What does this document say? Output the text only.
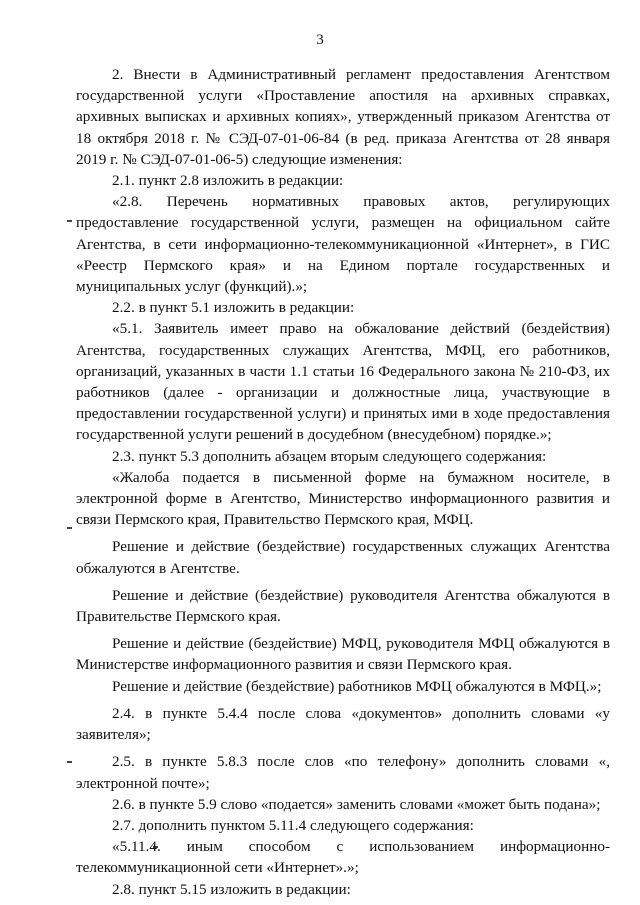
3

2. Внести в Административный регламент предоставления Агентством государственной услуги «Проставление апостиля на архивных справках, архивных выписках и архивных копиях», утвержденный приказом Агентства от 18 октября 2018 г. № СЭД-07-01-06-84 (в ред. приказа Агентства от 28 января 2019 г. № СЭД-07-01-06-5) следующие изменения:

2.1. пункт 2.8 изложить в редакции:

«2.8. Перечень нормативных правовых актов, регулирующих предоставление государственной услуги, размещен на официальном сайте Агентства, в сети информационно-телекоммуникационной «Интернет», в ГИС «Реестр Пермского края» и на Едином портале государственных и муниципальных услуг (функций).»;

2.2. в пункт 5.1 изложить в редакции:

«5.1. Заявитель имеет право на обжалование действий (бездействия) Агентства, государственных служащих Агентства, МФЦ, его работников, организаций, указанных в части 1.1 статьи 16 Федерального закона № 210-ФЗ, их работников (далее - организации и должностные лица, участвующие в предоставлении государственной услуги) и принятых ими в ходе предоставления государственной услуги решений в досудебном (внесудебном) порядке.»;

2.3. пункт 5.3 дополнить абзацем вторым следующего содержания:

«Жалоба подается в письменной форме на бумажном носителе, в электронной форме в Агентство, Министерство информационного развития и связи Пермского края, Правительство Пермского края, МФЦ.

Решение и действие (бездействие) государственных служащих Агентства обжалуются в Агентстве.

Решение и действие (бездействие) руководителя Агентства обжалуются в Правительстве Пермского края.

Решение и действие (бездействие) МФЦ, руководителя МФЦ обжалуются в Министерстве информационного развития и связи Пермского края.

Решение и действие (бездействие) работников МФЦ обжалуются в МФЦ.»;

2.4. в пункте 5.4.4 после слова «документов» дополнить словами «у заявителя»;

2.5. в пункте 5.8.3 после слов «по телефону» дополнить словами «, электронной почте»;

2.6. в пункте 5.9 слово «подается» заменить словами «может быть подана»;

2.7. дополнить пунктом 5.11.4 следующего содержания:

«5.11.4. иным способом с использованием информационно-телекоммуникационной сети «Интернет».»;

2.8. пункт 5.15 изложить в редакции:
